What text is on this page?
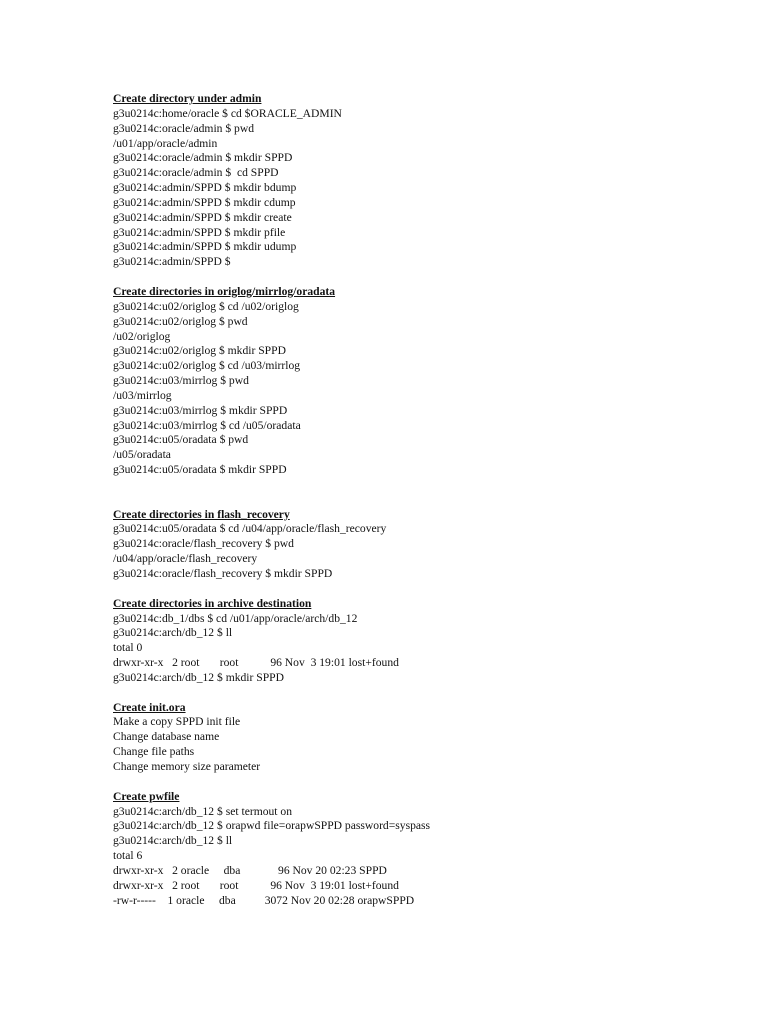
Create directory under admin
g3u0214c:home/oracle $ cd $ORACLE_ADMIN
g3u0214c:oracle/admin $ pwd
/u01/app/oracle/admin
g3u0214c:oracle/admin $ mkdir SPPD
g3u0214c:oracle/admin $  cd SPPD
g3u0214c:admin/SPPD $ mkdir bdump
g3u0214c:admin/SPPD $ mkdir cdump
g3u0214c:admin/SPPD $ mkdir create
g3u0214c:admin/SPPD $ mkdir pfile
g3u0214c:admin/SPPD $ mkdir udump
g3u0214c:admin/SPPD $
Create directories in origlog/mirrlog/oradata
g3u0214c:u02/origlog $ cd /u02/origlog
g3u0214c:u02/origlog $ pwd
/u02/origlog
g3u0214c:u02/origlog $ mkdir SPPD
g3u0214c:u02/origlog $ cd /u03/mirrlog
g3u0214c:u03/mirrlog $ pwd
/u03/mirrlog
g3u0214c:u03/mirrlog $ mkdir SPPD
g3u0214c:u03/mirrlog $ cd /u05/oradata
g3u0214c:u05/oradata $ pwd
/u05/oradata
g3u0214c:u05/oradata $ mkdir SPPD
Create directories in flash_recovery
g3u0214c:u05/oradata $ cd /u04/app/oracle/flash_recovery
g3u0214c:oracle/flash_recovery $ pwd
/u04/app/oracle/flash_recovery
g3u0214c:oracle/flash_recovery $ mkdir SPPD
Create directories in archive destination
g3u0214c:db_1/dbs $ cd /u01/app/oracle/arch/db_12
g3u0214c:arch/db_12 $ ll
total 0
drwxr-xr-x   2 root       root           96 Nov  3 19:01 lost+found
g3u0214c:arch/db_12 $ mkdir SPPD
Create init.ora
Make a copy SPPD init file
Change database name
Change file paths
Change memory size parameter
Create pwfile
g3u0214c:arch/db_12 $ set termout on
g3u0214c:arch/db_12 $ orapwd file=orapwSPPD password=syspass
g3u0214c:arch/db_12 $ ll
total 6
drwxr-xr-x   2 oracle     dba             96 Nov 20 02:23 SPPD
drwxr-xr-x   2 root       root           96 Nov  3 19:01 lost+found
-rw-r-----    1 oracle     dba          3072 Nov 20 02:28 orapwSPPD
